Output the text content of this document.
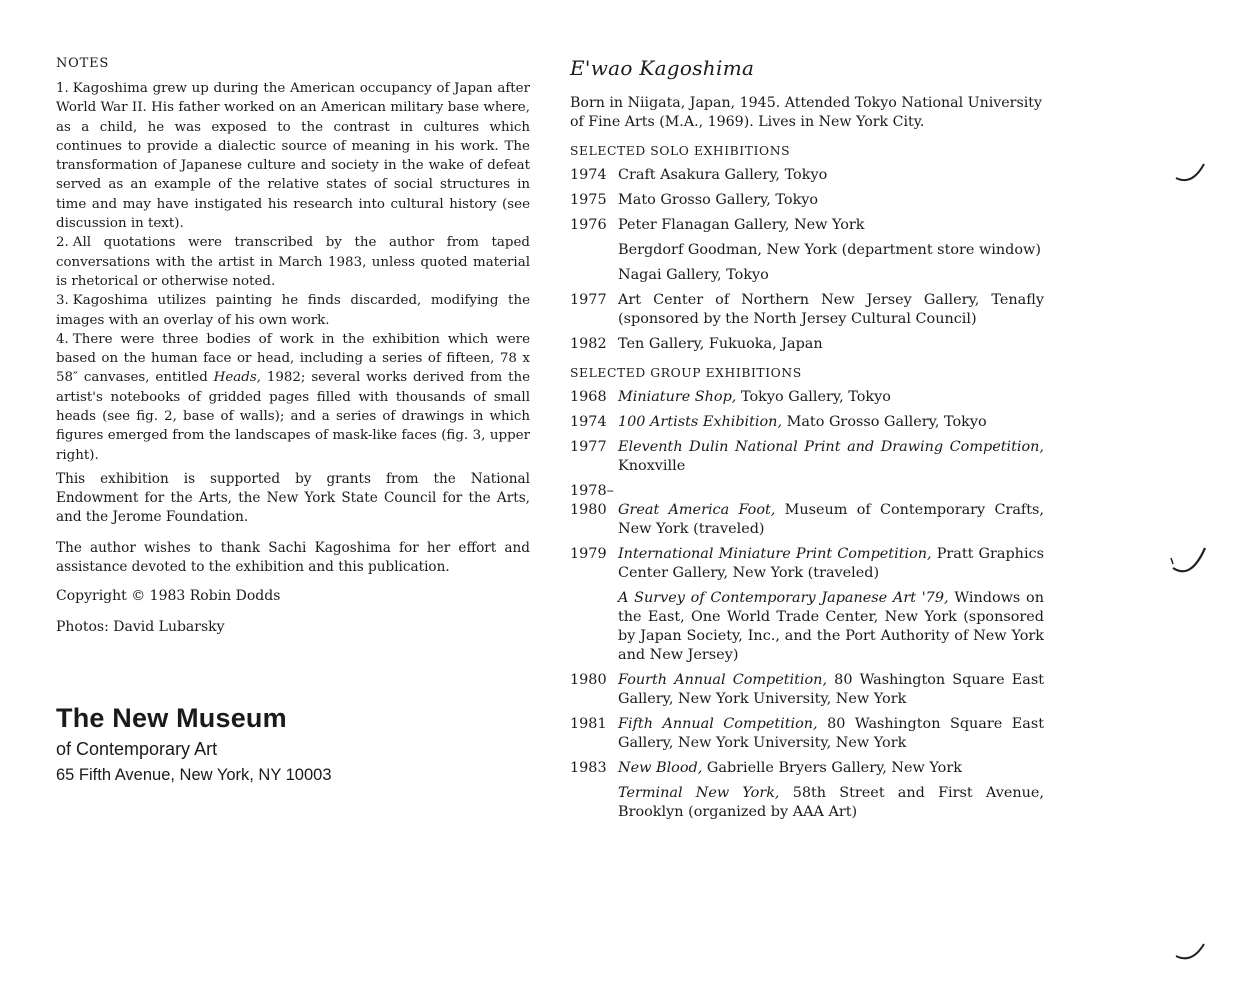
NOTES

1. Kagoshima grew up during the American occupancy of Japan after World War II. His father worked on an American military base where, as a child, he was exposed to the contrast in cultures which continues to provide a dialectic source of meaning in his work. The transformation of Japanese culture and society in the wake of defeat served as an example of the relative states of social structures in time and may have instigated his research into cultural history (see discussion in text).

2. All quotations were transcribed by the author from taped conversations with the artist in March 1983, unless quoted material is rhetorical or otherwise noted.

3. Kagoshima utilizes painting he finds discarded, modifying the images with an overlay of his own work.

4. There were three bodies of work in the exhibition which were based on the human face or head, including a series of fifteen, 78 x 58″ canvases, entitled Heads, 1982; several works derived from the artist's notebooks of gridded pages filled with thousands of small heads (see fig. 2, base of walls); and a series of drawings in which figures emerged from the landscapes of mask-like faces (fig. 3, upper right).

This exhibition is supported by grants from the National Endowment for the Arts, the New York State Council for the Arts, and the Jerome Foundation.

The author wishes to thank Sachi Kagoshima for her effort and assistance devoted to the exhibition and this publication.

Copyright © 1983 Robin Dodds
Photos: David Lubarsky
The New Museum
of Contemporary Art
65 Fifth Avenue, New York, NY 10003
E'wao Kagoshima

Born in Niigata, Japan, 1945. Attended Tokyo National University of Fine Arts (M.A., 1969). Lives in New York City.

SELECTED SOLO EXHIBITIONS
1974 Craft Asakura Gallery, Tokyo
1975 Mato Grosso Gallery, Tokyo
1976 Peter Flanagan Gallery, New York
Bergdorf Goodman, New York (department store window)
Nagai Gallery, Tokyo
1977 Art Center of Northern New Jersey Gallery, Tenafly (sponsored by the North Jersey Cultural Council)
1982 Ten Gallery, Fukuoka, Japan
SELECTED GROUP EXHIBITIONS
1968 Miniature Shop, Tokyo Gallery, Tokyo
1974 100 Artists Exhibition, Mato Grosso Gallery, Tokyo
1977 Eleventh Dulin National Print and Drawing Competition, Knoxville
1978–
1980 Great America Foot, Museum of Contemporary Crafts, New York (traveled)
1979 International Miniature Print Competition, Pratt Graphics Center Gallery, New York (traveled)
A Survey of Contemporary Japanese Art '79, Windows on the East, One World Trade Center, New York (sponsored by Japan Society, Inc., and the Port Authority of New York and New Jersey)
1980 Fourth Annual Competition, 80 Washington Square East Gallery, New York University, New York
1981 Fifth Annual Competition, 80 Washington Square East Gallery, New York University, New York
1983 New Blood, Gabrielle Bryers Gallery, New York
Terminal New York, 58th Street and First Avenue, Brooklyn (organized by AAA Art)
